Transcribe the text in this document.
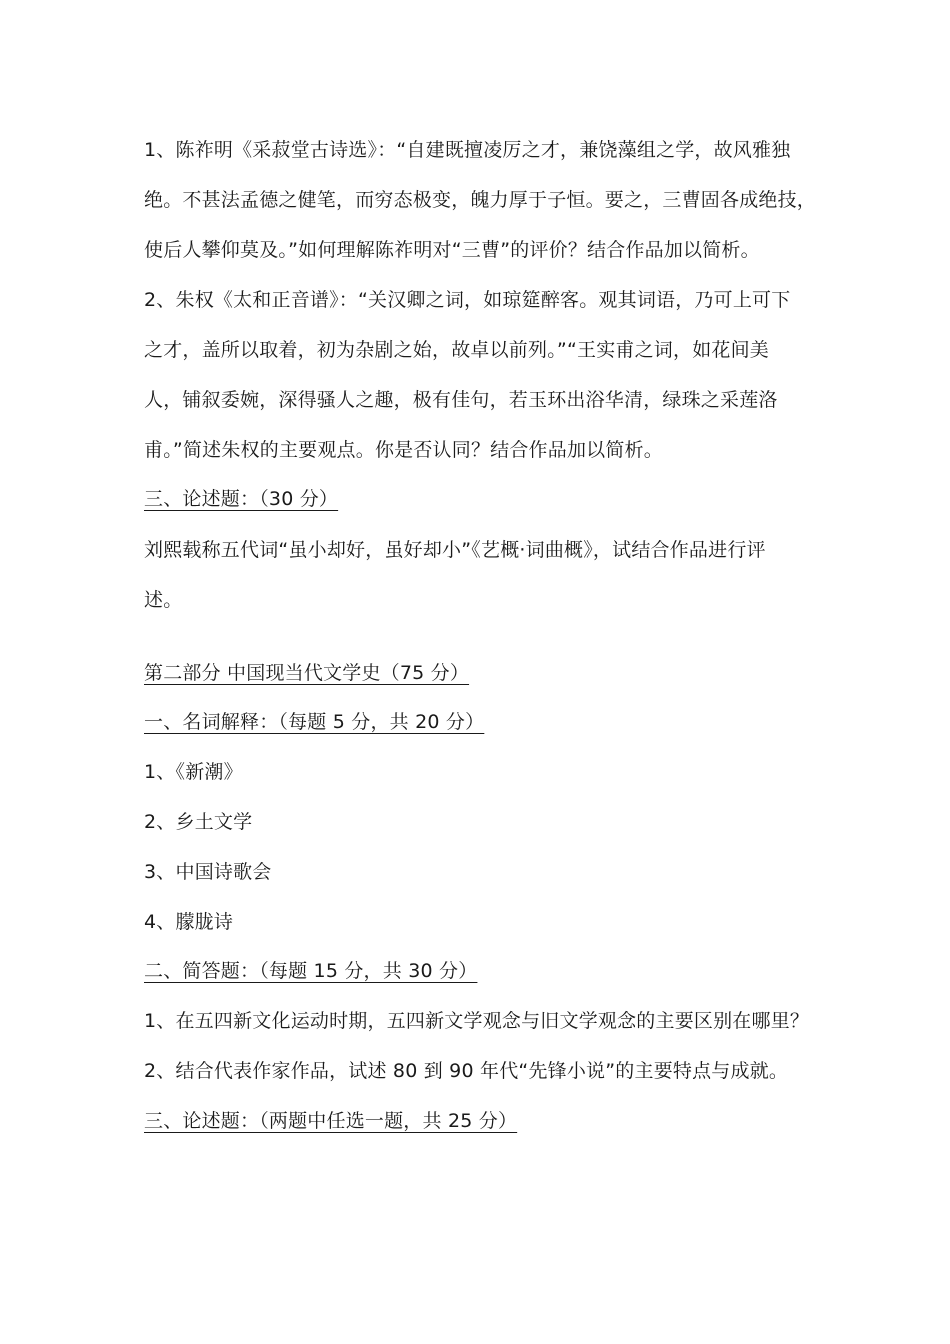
1、陈祚明《采菽堂古诗选》：“自建既擅凌厉之才，兼饶藻组之学，故风雅独
绝。不甚法孟德之健笔，而穷态极变，魄力厚于子恒。要之，三曹固各成绝技，
使后人攀仰莫及。”如何理解陈祚明对“三曹”的评价？结合作品加以简析。
2、朱权《太和正音谱》：“关汉卿之词，如琼筵醉客。观其词语，乃可上可下
之才，盖所以取着，初为杂剧之始，故卓以前列。”“王实甫之词，如花间美
人，铺叙委婉，深得骚人之趣，极有佳句，若玉环出浴华清，绿珠之采莲洛
甫。”简述朱权的主要观点。你是否认同？结合作品加以简析。
三、论述题：（30 分）
刘熙载称五代词“虽小却好，虽好却小”《艺概·词曲概》，试结合作品进行评
述。
第二部分 中国现当代文学史（75 分）
一、名词解释：（每题 5 分，共 20 分）
1、《新潮》
2、乡土文学
3、中国诗歌会
4、朦胧诗
二、简答题：（每题 15 分，共 30 分）
1、在五四新文化运动时期，五四新文学观念与旧文学观念的主要区别在哪里？
2、结合代表作家作品，试述 80 到 90 年代“先锋小说”的主要特点与成就。
三、论述题：（两题中任选一题，共 25 分）
